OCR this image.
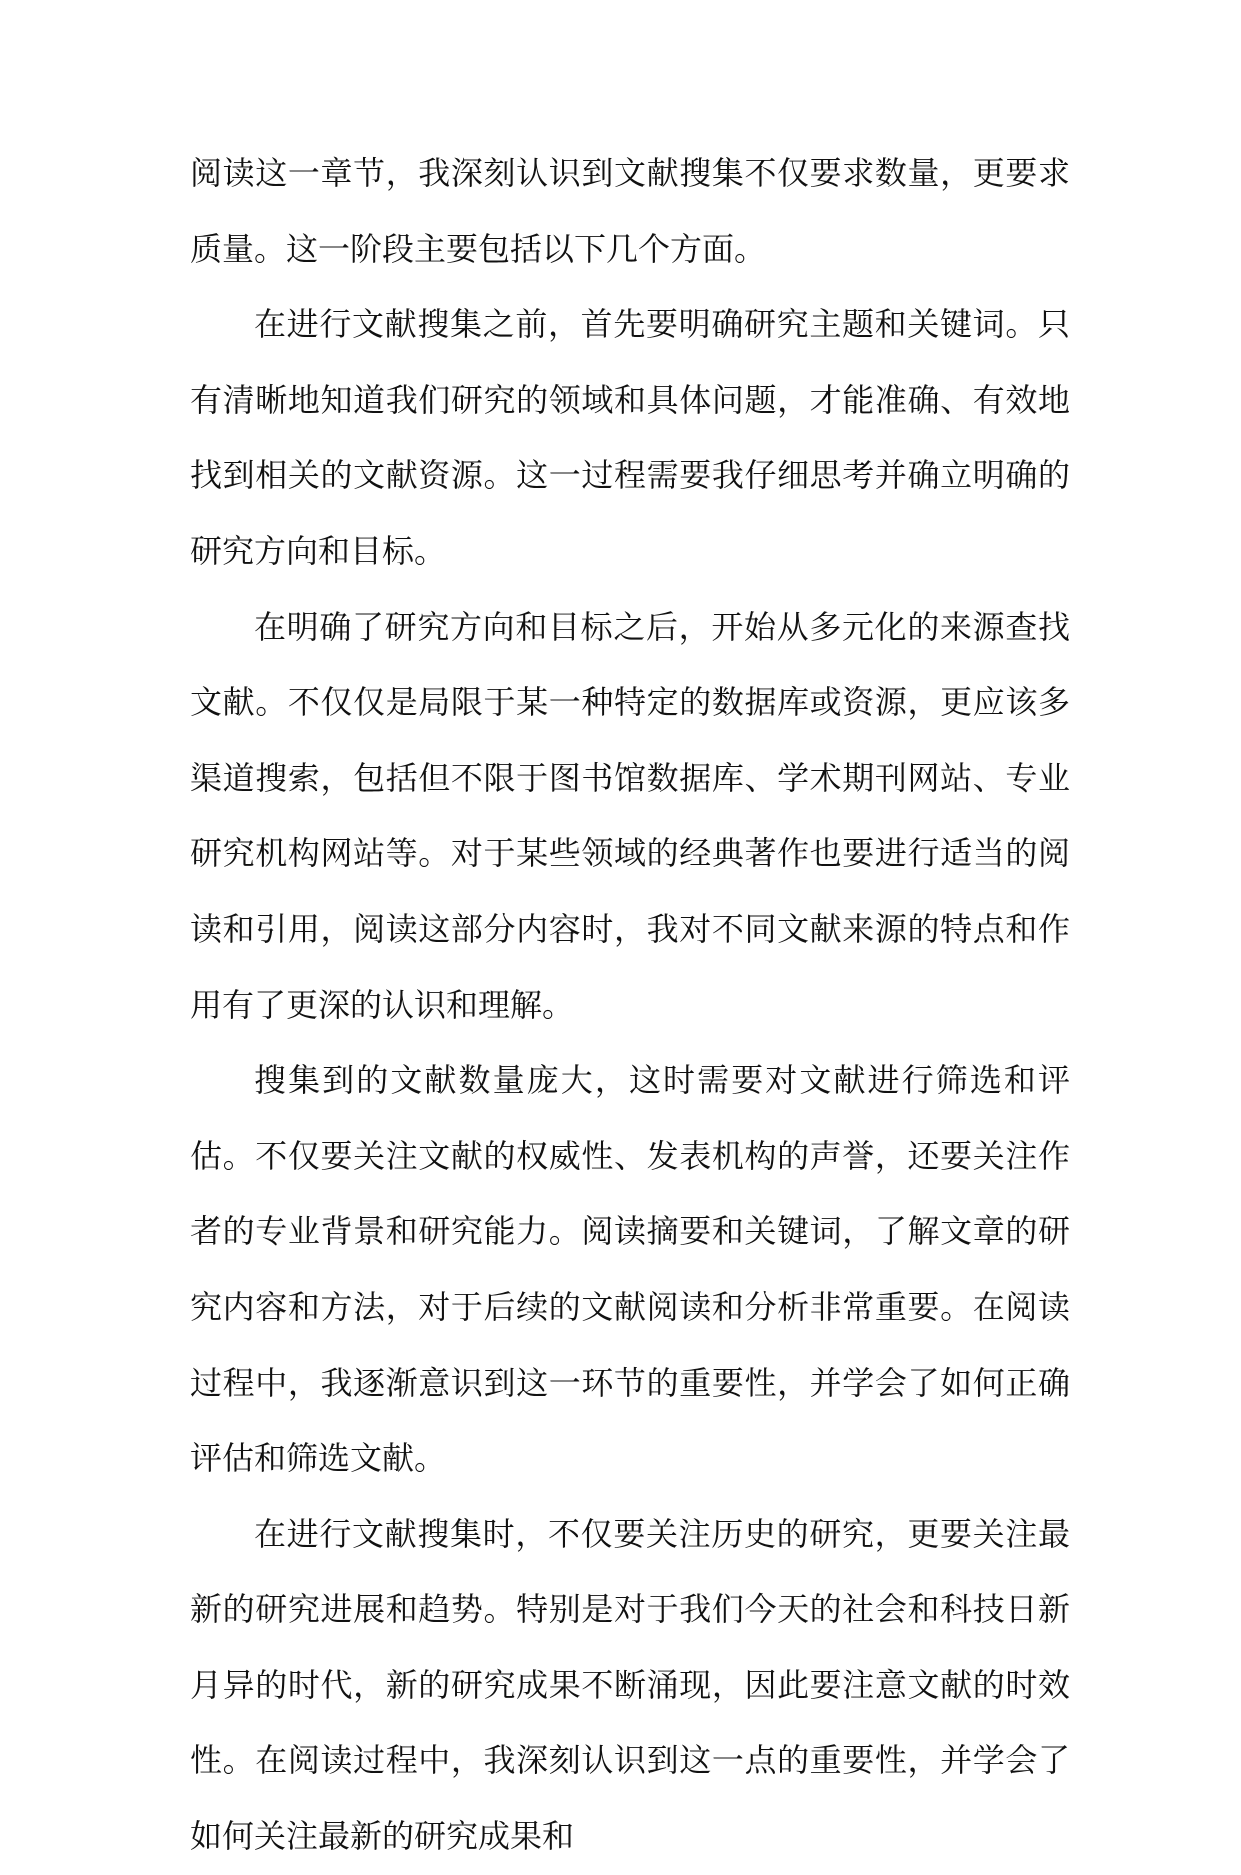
阅读这一章节，我深刻认识到文献搜集不仅要求数量，更要求质量。这一阶段主要包括以下几个方面。

在进行文献搜集之前，首先要明确研究主题和关键词。只有清晰地知道我们研究的领域和具体问题，才能准确、有效地找到相关的文献资源。这一过程需要我仔细思考并确立明确的研究方向和目标。

在明确了研究方向和目标之后，开始从多元化的来源查找文献。不仅仅是局限于某一种特定的数据库或资源，更应该多渠道搜索，包括但不限于图书馆数据库、学术期刊网站、专业研究机构网站等。对于某些领域的经典著作也要进行适当的阅读和引用，阅读这部分内容时，我对不同文献来源的特点和作用有了更深的认识和理解。

搜集到的文献数量庞大，这时需要对文献进行筛选和评估。不仅要关注文献的权威性、发表机构的声誉，还要关注作者的专业背景和研究能力。阅读摘要和关键词，了解文章的研究内容和方法，对于后续的文献阅读和分析非常重要。在阅读过程中，我逐渐意识到这一环节的重要性，并学会了如何正确评估和筛选文献。

在进行文献搜集时，不仅要关注历史的研究，更要关注最新的研究进展和趋势。特别是对于我们今天的社会和科技日新月异的时代，新的研究成果不断涌现，因此要注意文献的时效性。在阅读过程中，我深刻认识到这一点的重要性，并学会了如何关注最新的研究成果和
